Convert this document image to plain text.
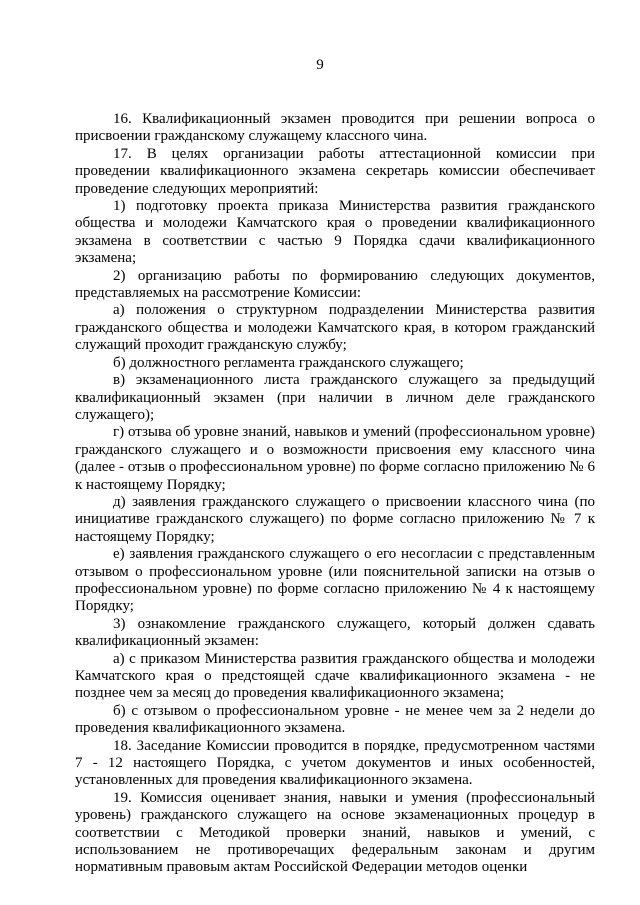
9

16. Квалификационный экзамен проводится при решении вопроса о присвоении гражданскому служащему классного чина.

17. В целях организации работы аттестационной комиссии при проведении квалификационного экзамена секретарь комиссии обеспечивает проведение следующих мероприятий:

1) подготовку проекта приказа Министерства развития гражданского общества и молодежи Камчатского края о проведении квалификационного экзамена в соответствии с частью 9 Порядка сдачи квалификационного экзамена;

2) организацию работы по формированию следующих документов, представляемых на рассмотрение Комиссии:

а) положения о структурном подразделении Министерства развития гражданского общества и молодежи Камчатского края, в котором гражданский служащий проходит гражданскую службу;

б) должностного регламента гражданского служащего;

в) экзаменационного листа гражданского служащего за предыдущий квалификационный экзамен (при наличии в личном деле гражданского служащего);

г) отзыва об уровне знаний, навыков и умений (профессиональном уровне) гражданского служащего и о возможности присвоения ему классного чина (далее - отзыв о профессиональном уровне) по форме согласно приложению № 6 к настоящему Порядку;

д) заявления гражданского служащего о присвоении классного чина (по инициативе гражданского служащего) по форме согласно приложению № 7 к настоящему Порядку;

е) заявления гражданского служащего о его несогласии с представленным отзывом о профессиональном уровне (или пояснительной записки на отзыв о профессиональном уровне) по форме согласно приложению № 4 к настоящему Порядку;

3) ознакомление гражданского служащего, который должен сдавать квалификационный экзамен:

а) с приказом Министерства развития гражданского общества и молодежи Камчатского края о предстоящей сдаче квалификационного экзамена - не позднее чем за месяц до проведения квалификационного экзамена;

б) с отзывом о профессиональном уровне - не менее чем за 2 недели до проведения квалификационного экзамена.

18. Заседание Комиссии проводится в порядке, предусмотренном частями 7 - 12 настоящего Порядка, с учетом документов и иных особенностей, установленных для проведения квалификационного экзамена.

19. Комиссия оценивает знания, навыки и умения (профессиональный уровень) гражданского служащего на основе экзаменационных процедур в соответствии с Методикой проверки знаний, навыков и умений, с использованием не противоречащих федеральным законам и другим нормативным правовым актам Российской Федерации методов оценки
